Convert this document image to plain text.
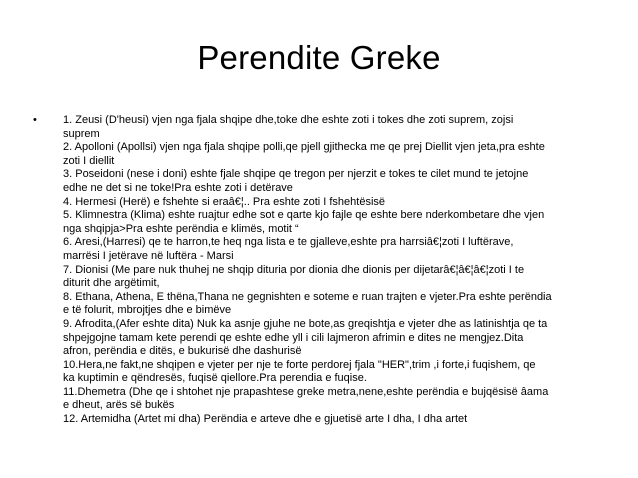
Perendite Greke
• 1. Zeusi (D'heusi) vjen nga fjala shqipe dhe,toke dhe eshte zoti i tokes dhe zoti suprem, zojsi
suprem
2. Apolloni (Apollsi) vjen nga fjala shqipe polli,qe pjell gjithecka me qe prej Diellit vjen jeta,pra eshte
zoti I diellit
3. Poseidoni (nese i doni) eshte fjale shqipe qe tregon per njerzit e tokes te cilet mund te jetojne
edhe ne det si ne toke!Pra eshte zoti i detërave
4. Hermesi (Herë) e fshehte si eraâ€¦.. Pra eshte zoti I fshehtësisë
5. Klimnestra (Klima) eshte ruajtur edhe sot e qarte kjo fajle qe eshte bere nderkombetare dhe vjen
nga shqipja>Pra eshte perëndia e klimës, motit “
6. Aresi,(Harresi) qe te harron,te heq nga lista e te gjalleve,eshte pra harrsiâ€¦zoti I luftërave,
marrësi I jetërave në luftëra - Marsi
7. Dionisi (Me pare nuk thuhej ne shqip dituria por dionia dhe dionis per dijetarâ€¦â€¦â€¦zoti I te
diturit dhe argëtimit,
8. Ethana, Athena, E thëna,Thana ne gegnishten e soteme e ruan trajten e vjeter.Pra eshte perëndia
e të folurit, mbrojtjes dhe e bimëve
9. Afrodita,(Afer eshte dita) Nuk ka asnje gjuhe ne bote,as greqishtja e vjeter dhe as latinishtja qe ta
shpejgojne tamam kete perendi qe eshte edhe yll i cili lajmeron afrimin e dites ne mengjez.Dita
afron, perëndia e ditës, e bukurisë dhe dashurisë
10.Hera,ne fakt,ne shqipen e vjeter per nje te forte perdorej fjala "HER",trim ,i forte,i fuqishem, qe
ka kuptimin e qëndresës, fuqisë qiellore.Pra perendia e fuqise.
11.Dhemetra (Dhe qe i shtohet nje prapashtese greke metra,nene,eshte perëndia e bujqësisë âama
e dheut, arës së bukës
12. Artemidha (Artet mi dha) Perëndia e arteve dhe e gjuetisë arte I dha, I dha artet
